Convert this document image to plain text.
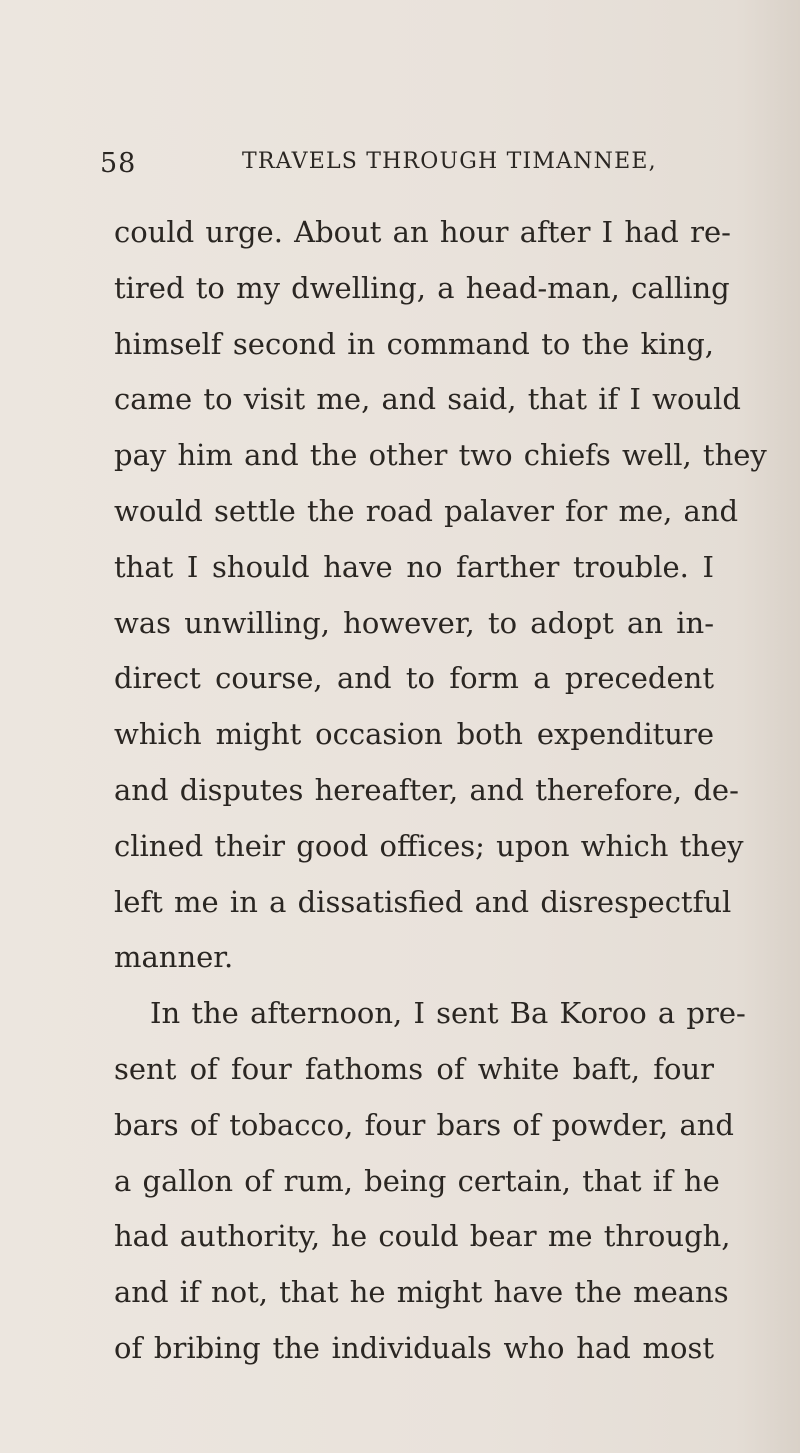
58	TRAVELS THROUGH TIMANNEE,
could urge. About an hour after I had re-
tired to my dwelling, a head-man, calling
himself second in command to the king,
came to visit me, and said, that if I would
pay him and the other two chiefs well, they
would settle the road palaver for me, and
that I should have no farther trouble. I
was unwilling, however, to adopt an in-
direct course, and to form a precedent
which might occasion both expenditure
and disputes hereafter, and therefore, de-
clined their good offices; upon which they
left me in a dissatisfied and disrespectful
manner.
In the afternoon, I sent Ba Koroo a pre-
sent of four fathoms of white baft, four
bars of tobacco, four bars of powder, and
a gallon of rum, being certain, that if he
had authority, he could bear me through,
and if not, that he might have the means
of bribing the individuals who had most
